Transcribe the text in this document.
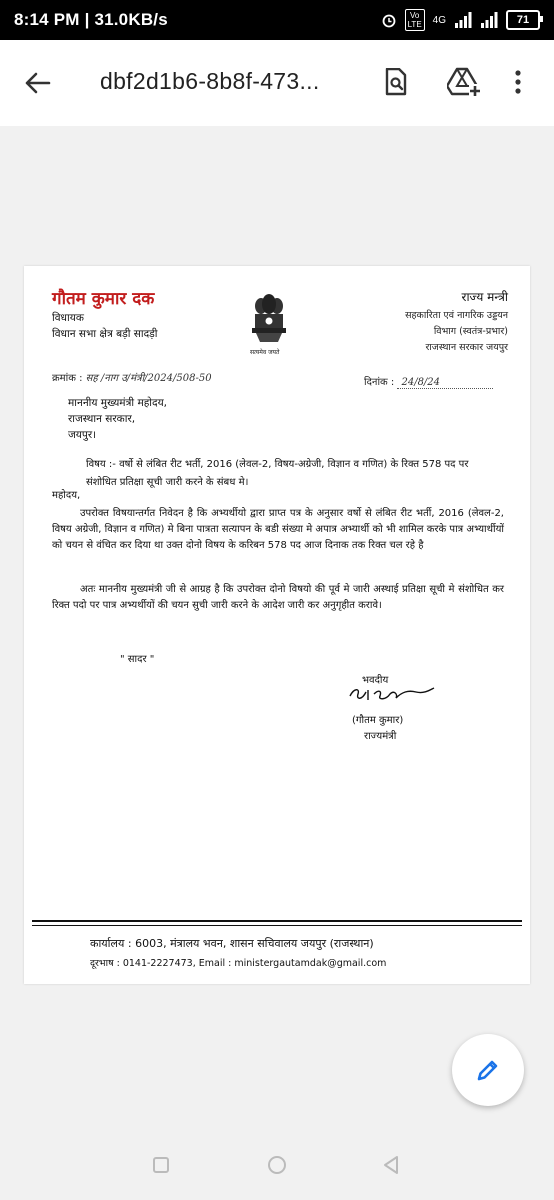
8:14 PM | 31.0KB/s	Vo
LTE 4G	71
dbf2d1b6-8b8f-473...
गौतम कुमार दक
विधायक
विधान सभा क्षेत्र बड़ी सादड़ी
सत्यमेव जयते
राज्य मन्त्री
सहकारिता एवं नागरिक उड्डयन
विभाग (स्वतंत्र-प्रभार)
राजस्थान सरकार जयपुर
क्रमांक : सह /नाग उ/मंत्री/2024/508-50	दिनांक : 24/8/24
माननीय मुख्यमंत्री महोदय,
राजस्थान सरकार,
जयपुर।
विषय :- वर्षो से लंबित रीट भर्ती, 2016 (लेवल-2, विषय-अग्रेजी, विज्ञान व गणित) के रिक्त 578 पद पर संशोधित प्रतिक्षा सूची जारी करने के संबध मे।
महोदय,
उपरोक्त विषयान्तर्गत निवेदन है कि अभ्यर्थीयो द्वारा प्राप्त पत्र के अनुसार वर्षो से लंबित रीट भर्ती, 2016 (लेवल-2, विषय अग्रेजी, विज्ञान व गणित) मे बिना पात्रता सत्यापन के बडी संख्या मे अपात्र अभ्यार्थी को भी शामिल करके पात्र अभ्यार्थीयों को चयन से वंचित कर दिया था उक्त दोनो विषय के करिबन 578 पद आज दिनाक तक रिक्त चल रहे है
अतः माननीय मुख्यमंत्री जी से आग्रह है कि उपरोक्त दोनो विषयो की पूर्व मे जारी अस्थाई प्रतिक्षा सूची मे संशोधित कर रिक्त पदो पर पात्र अभ्यर्थीयों की चयन सुची जारी करने के आदेश जारी कर अनुगृहीत करावे।
" सादर "
भवदीय
(गौतम कुमार)
राज्यमंत्री
कार्यालय : 6003, मंत्रालय भवन, शासन सचिवालय जयपुर (राजस्थान)
दूरभाष : 0141-2227473, Email : ministergautamdak@gmail.com
